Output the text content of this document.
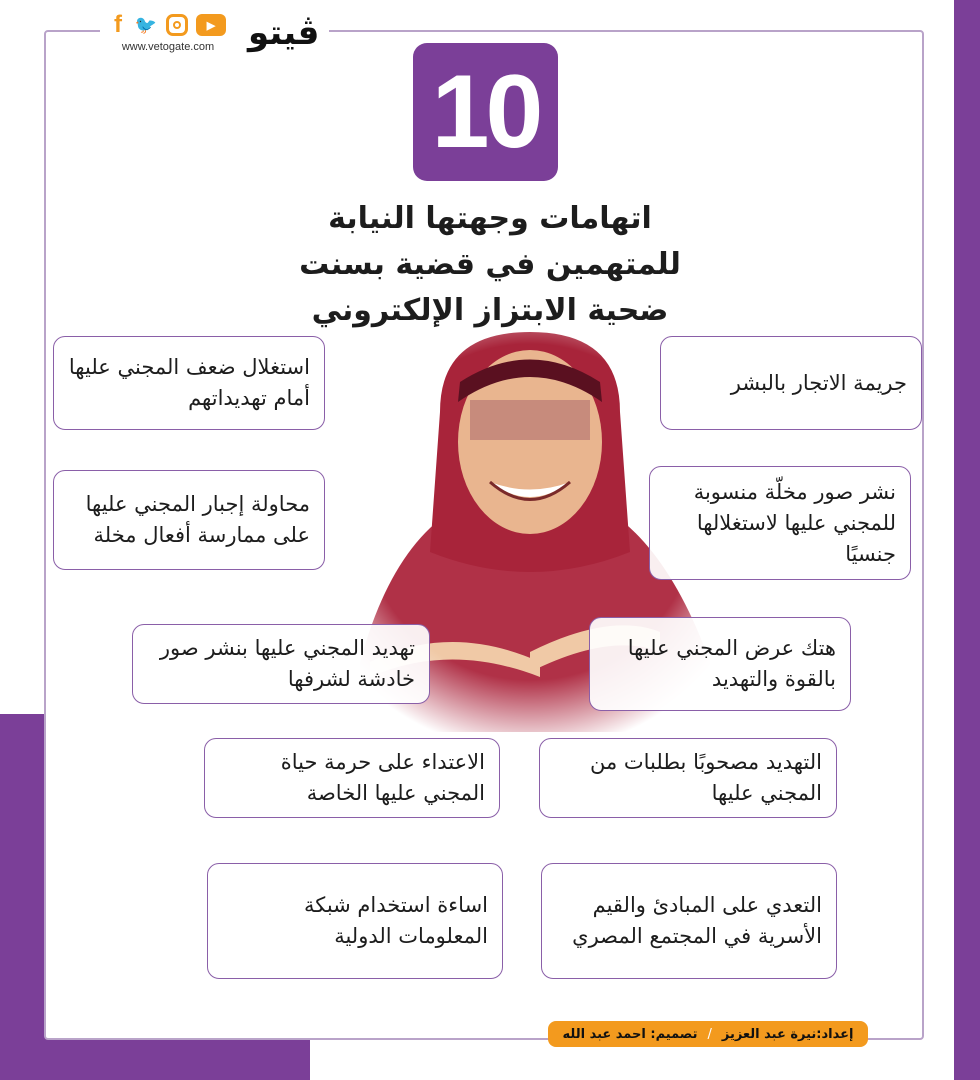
f 🐦	▶
www.vetogate.com ڤيتو
10
اتهامات وجهتها النيابة
للمتهمين في قضية بسنت
ضحية الابتزاز الإلكتروني
جريمة الاتجار بالبشر
استغلال ضعف المجني عليها أمام تهديداتهم
نشر صور مخلّة منسوبة للمجني عليها لاستغلالها جنسيًا
محاولة إجبار المجني عليها على ممارسة أفعال مخلة
هتك عرض المجني عليها بالقوة والتهديد
تهديد المجني عليها بنشر صور خادشة لشرفها
التهديد مصحوبًا بطلبات من المجني عليها
الاعتداء على حرمة حياة المجني عليها الخاصة
التعدي على المبادئ والقيم الأسرية في المجتمع المصري
اساءة استخدام شبكة المعلومات الدولية
إعداد:نيرة عبد العزيز
/
تصميم: احمد عبد الله
